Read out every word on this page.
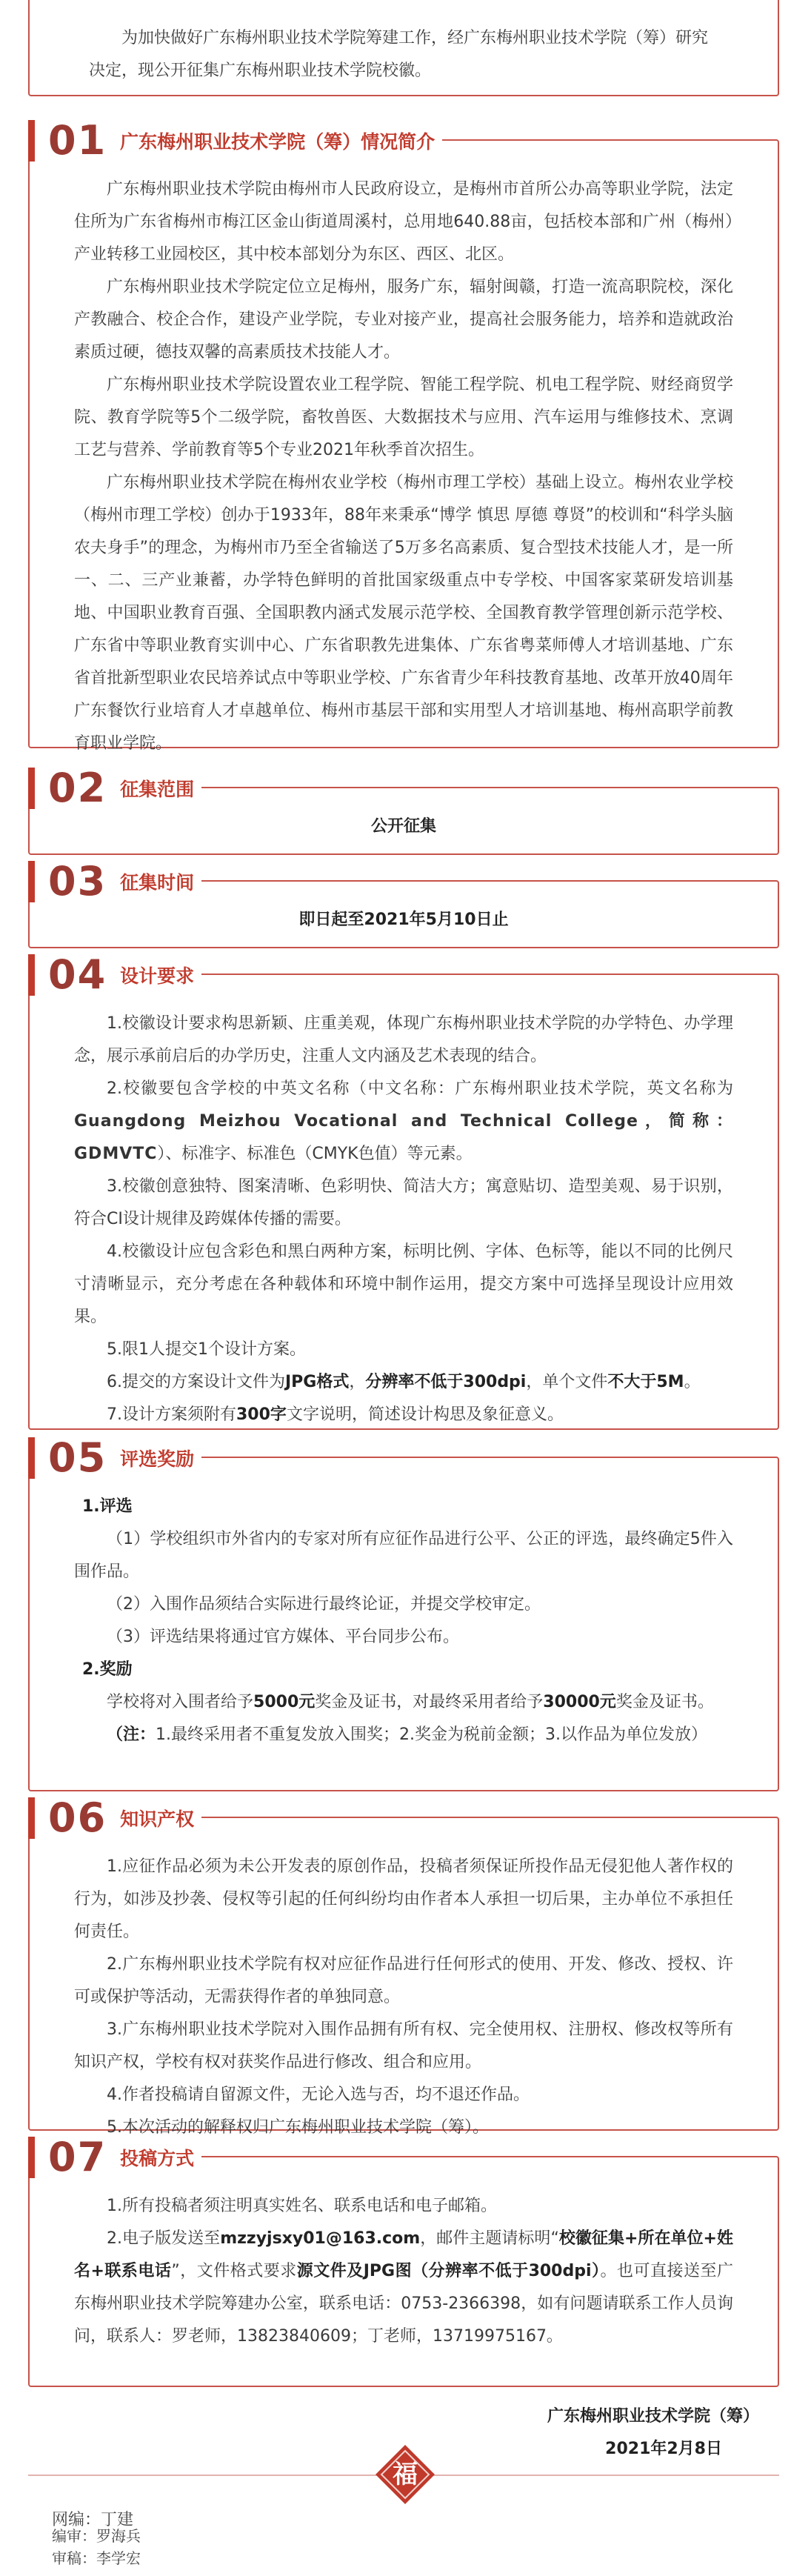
为加快做好广东梅州职业技术学院筹建工作，经广东梅州职业技术学院（筹）研究决定，现公开征集广东梅州职业技术学院校徽。

01 广东梅州职业技术学院（筹）情况简介

广东梅州职业技术学院由梅州市人民政府设立，是梅州市首所公办高等职业学院，法定住所为广东省梅州市梅江区金山街道周溪村，总用地640.88亩，包括校本部和广州（梅州）产业转移工业园校区，其中校本部划分为东区、西区、北区。

广东梅州职业技术学院定位立足梅州，服务广东，辐射闽赣，打造一流高职院校，深化产教融合、校企合作，建设产业学院，专业对接产业，提高社会服务能力，培养和造就政治素质过硬，德技双馨的高素质技术技能人才。

广东梅州职业技术学院设置农业工程学院、智能工程学院、机电工程学院、财经商贸学院、教育学院等5个二级学院，畜牧兽医、大数据技术与应用、汽车运用与维修技术、烹调工艺与营养、学前教育等5个专业2021年秋季首次招生。

广东梅州职业技术学院在梅州农业学校（梅州市理工学校）基础上设立。梅州农业学校（梅州市理工学校）创办于1933年，88年来秉承“博学 慎思 厚德 尊贤”的校训和“科学头脑 农夫身手”的理念，为梅州市乃至全省输送了5万多名高素质、复合型技术技能人才，是一所一、二、三产业兼蓄，办学特色鲜明的首批国家级重点中专学校、中国客家菜研发培训基地、中国职业教育百强、全国职教内涵式发展示范学校、全国教育教学管理创新示范学校、广东省中等职业教育实训中心、广东省职教先进集体、广东省粤菜师傅人才培训基地、广东省首批新型职业农民培养试点中等职业学校、广东省青少年科技教育基地、改革开放40周年广东餐饮行业培育人才卓越单位、梅州市基层干部和实用型人才培训基地、梅州高职学前教育职业学院。

02 征集范围

公开征集

03 征集时间

即日起至2021年5月10日止

04 设计要求

1.校徽设计要求构思新颖、庄重美观，体现广东梅州职业技术学院的办学特色、办学理念，展示承前启后的办学历史，注重人文内涵及艺术表现的结合。

2.校徽要包含学校的中英文名称（中文名称：广东梅州职业技术学院，英文名称为Guangdong Meizhou Vocational and Technical College，简称：GDMVTC）、标准字、标准色（CMYK色值）等元素。

3.校徽创意独特、图案清晰、色彩明快、简洁大方；寓意贴切、造型美观、易于识别，符合CI设计规律及跨媒体传播的需要。

4.校徽设计应包含彩色和黑白两种方案，标明比例、字体、色标等，能以不同的比例尺寸清晰显示，充分考虑在各种载体和环境中制作运用，提交方案中可选择呈现设计应用效果。

5.限1人提交1个设计方案。

6.提交的方案设计文件为JPG格式，分辨率不低于300dpi，单个文件不大于5M。

7.设计方案须附有300字文字说明，简述设计构思及象征意义。

05 评选奖励

1.评选

（1）学校组织市外省内的专家对所有应征作品进行公平、公正的评选，最终确定5件入围作品。

（2）入围作品须结合实际进行最终论证，并提交学校审定。

（3）评选结果将通过官方媒体、平台同步公布。

2.奖励

学校将对入围者给予5000元奖金及证书，对最终采用者给予30000元奖金及证书。

（注：1.最终采用者不重复发放入围奖；2.奖金为税前金额；3.以作品为单位发放）

06 知识产权

1.应征作品必须为未公开发表的原创作品，投稿者须保证所投作品无侵犯他人著作权的行为，如涉及抄袭、侵权等引起的任何纠纷均由作者本人承担一切后果，主办单位不承担任何责任。

2.广东梅州职业技术学院有权对应征作品进行任何形式的使用、开发、修改、授权、许可或保护等活动，无需获得作者的单独同意。

3.广东梅州职业技术学院对入围作品拥有所有权、完全使用权、注册权、修改权等所有知识产权，学校有权对获奖作品进行修改、组合和应用。

4.作者投稿请自留源文件，无论入选与否，均不退还作品。

5.本次活动的解释权归广东梅州职业技术学院（筹）。

07 投稿方式

1.所有投稿者须注明真实姓名、联系电话和电子邮箱。

2.电子版发送至mzzyjsxy01@163.com，邮件主题请标明“校徽征集+所在单位+姓名+联系电话”，文件格式要求源文件及JPG图（分辨率不低于300dpi）。也可直接送至广东梅州职业技术学院筹建办公室，联系电话：0753-2366398，如有问题请联系工作人员询问，联系人：罗老师，13823840609；丁老师，13719975167。

广东梅州职业技术学院（筹）
2021年2月8日
福
网编：丁建
编审：罗海兵
审稿：李学宏
